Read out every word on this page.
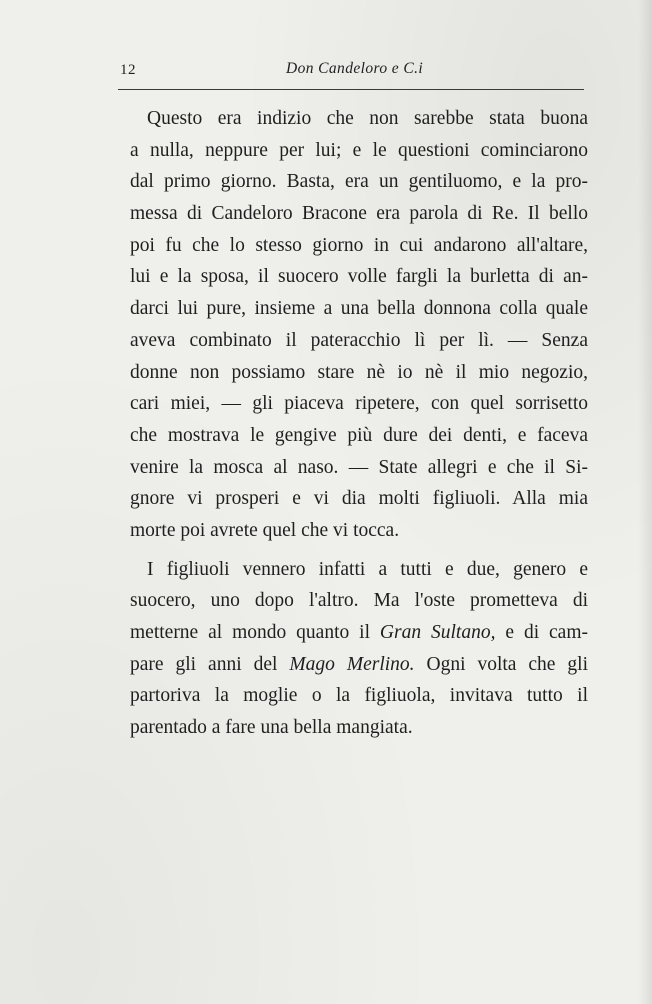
12	Don Candeloro e C.i
Questo era indizio che non sarebbe stata buona
a nulla, neppure per lui; e le questioni cominciarono
dal primo giorno. Basta, era un gentiluomo, e la pro-
messa di Candeloro Bracone era parola di Re. Il bello
poi fu che lo stesso giorno in cui andarono all'altare,
lui e la sposa, il suocero volle fargli la burletta di an-
darci lui pure, insieme a una bella donnona colla quale
aveva combinato il pateracchio lì per lì. — Senza
donne non possiamo stare nè io nè il mio negozio,
cari miei, — gli piaceva ripetere, con quel sorrisetto
che mostrava le gengive più dure dei denti, e faceva
venire la mosca al naso. — State allegri e che il Si-
gnore vi prosperi e vi dia molti figliuoli. Alla mia
morte poi avrete quel che vi tocca.
I figliuoli vennero infatti a tutti e due, genero e
suocero, uno dopo l'altro. Ma l'oste prometteva di
metterne al mondo quanto il Gran Sultano, e di cam-
pare gli anni del Mago Merlino. Ogni volta che gli
partoriva la moglie o la figliuola, invitava tutto il
parentado a fare una bella mangiata.
